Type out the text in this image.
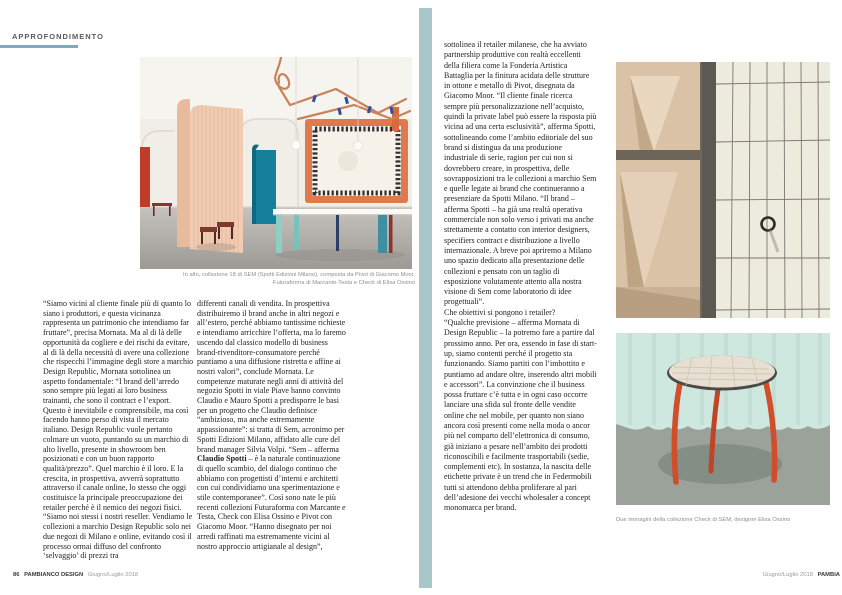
APPROFONDIMENTO
In alto, collezione 18 di SEM (Spotti Edizioni Milano), composta da Pivot di Giacomo Moor,
Futuraforma di Marcante-Testa e Check di Elisa Ossino
“Siamo vicini al cliente finale più di quanto lo siano i produttori, e questa vicinanza rappresenta un patrimonio che intendiamo far fruttare”, precisa Mornata. Ma al di là delle opportunità da cogliere e dei rischi da evitare, al di là della necessità di avere una collezione che rispecchi l’immagine degli store a marchio Design Republic, Mornata sottolinea un aspetto fondamentale: “I brand dell’arredo sono sempre più legati ai loro business trainanti, che sono il contract e l’export. Questo è inevitabile e comprensibile, ma così facendo hanno perso di vista il mercato italiano. Design Republic vuole pertanto colmare un vuoto, puntando su un marchio di alto livello, presente in showroom ben posizionati e con un buon rapporto qualità/prezzo”. Quel marchio è il loro. E la crescita, in prospettiva, avverrà soprattutto attraverso il canale online, lo stesso che oggi costituisce la principale preoccupazione dei retailer perché è il nemico dei negozi fisici. “Siamo noi stessi i nostri reseller. Vendiamo le collezioni a marchio Design Republic solo nei due negozi di Milano e online, evitando così il processo ormai diffuso del confronto ‘selvaggio’ di prezzi tra
differenti canali di vendita. In prospettiva distribuiremo il brand anche in altri negozi e all’estero, perché abbiamo tantissime richieste e intendiamo arricchire l’offerta, ma lo faremo uscendo dal classico modello di business brand-rivenditore-consumatore perché puntiamo a una diffusione ristretta e affine ai nostri valori”, conclude Mornata. Le competenze maturate negli anni di attività del negozio Spotti in viale Piave hanno convinto Claudio e Mauro Spotti a predisporre le basi per un progetto che Claudio definisce “ambizioso, ma anche estremamente appassionante”: si tratta di Sem, acronimo per Spotti Edizioni Milano, affidato alle cure del brand manager Silvia Volpi. “Sem – afferma Claudio Spotti – è la naturale continuazione di quello scambio, del dialogo continuo che abbiamo con progettisti d’interni e architetti con cui condividiamo una sperimentazione e stile contemporanee”. Così sono nate le più recenti collezioni Futuraforma con Marcante e Testa, Check con Elisa Ossino e Pivot con Giacomo Moor. “Hanno disegnato per noi arredi raffinati ma estremamente vicini al nostro approccio artigianale al design”,

sottolinea il retailer milanese, che ha avviato partnership produttive con realtà eccellenti della filiera come la Fonderia Artistica Battaglia per la finitura acidata delle strutture in ottone e metallo di Pivot, disegnata da Giacomo Moor. “Il cliente finale ricerca sempre più personalizzazione nell’acquisto, quindi la private label può essere la risposta più vicina ad una certa esclusività”, afferma Spotti, sottolineando come l’ambito editoriale del suo brand si distingua da una produzione industriale di serie, ragion per cui non si dovrebbero creare, in prospettiva, delle sovrapposizioni tra le collezioni a marchio Sem e quelle legate ai brand che continueranno a presenziare da Spotti Milano. “Il brand – afferma Spotti – ha già una realtà operativa commerciale non solo verso i privati ma anche strettamente a contatto con interior designers, specifiers contract e distribuzione a livello internazionale. A breve poi apriremo a Milano uno spazio dedicato alla presentazione delle collezioni e pensato con un taglio di esposizione volutamente attento alla nostra visione di Sem come laboratorio di idee progettuali”.

Che obiettivi si pongono i retailer?

“Qualche previsione – afferma Mornata di Design Republic – la potremo fare a partire dal prossimo anno. Per ora, essendo in fase di start-up, siamo contenti perché il progetto sta funzionando. Siamo partiti con l’imbottito e puntiamo ad andare oltre, inserendo altri mobili e accessori”. La convinzione che il business possa fruttare c’è tutta e in ogni caso occorre lanciare una sfida sul fronte delle vendite online che nel mobile, per quanto non siano ancora così presenti come nella moda o ancor più nel comparto dell’elettronica di consumo, già iniziano a pesare nell’ambito dei prodotti riconoscibili e facilmente trasportabili (sedie, complementi etc). In sostanza, la nascita delle etichette private è un trend che in Federmobili tutti si attendono debba proliferare al pari dell’adesione dei vecchi wholesaler a concept monomarca per brand.

Due immagini della collezione Check di SEM, designer Elisa Ossino
86 PAMBIANCO DESIGN Giugno/Luglio 2018	Giugno/Luglio 2018 PAMBIA
